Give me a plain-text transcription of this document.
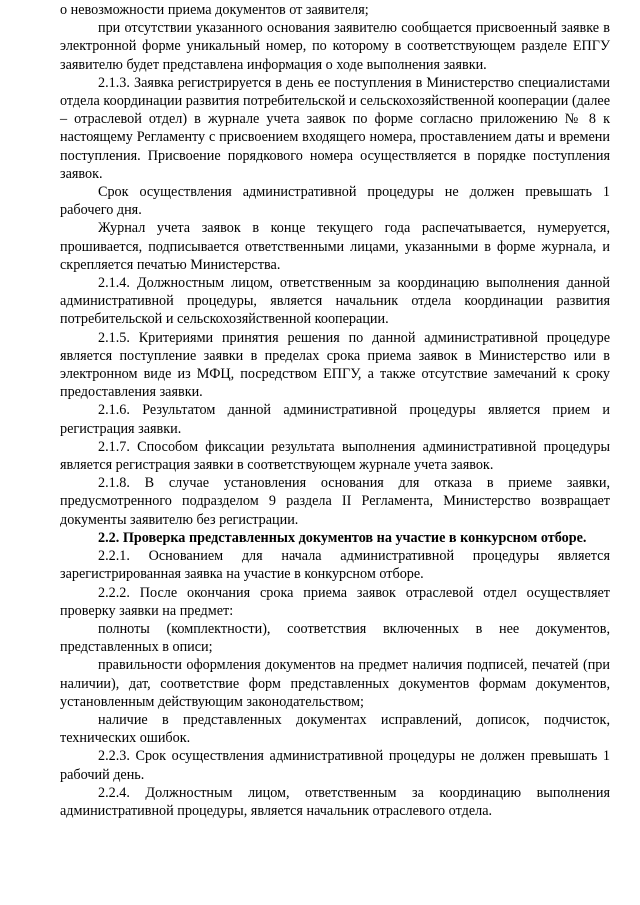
о невозможности приема документов от заявителя;

при отсутствии указанного основания заявителю сообщается присвоенный заявке в электронной форме уникальный номер, по которому в соответствующем разделе ЕПГУ заявителю будет представлена информация о ходе выполнения заявки.

2.1.3. Заявка регистрируется в день ее поступления в Министерство специалистами отдела координации развития потребительской и сельскохозяйственной кооперации (далее – отраслевой отдел) в журнале учета заявок по форме согласно приложению № 8 к настоящему Регламенту с присвоением входящего номера, проставлением даты и времени поступления. Присвоение порядкового номера осуществляется в порядке поступления заявок.

Срок осуществления административной процедуры не должен превышать 1 рабочего дня.

Журнал учета заявок в конце текущего года распечатывается, нумеруется, прошивается, подписывается ответственными лицами, указанными в форме журнала, и скрепляется печатью Министерства.

2.1.4. Должностным лицом, ответственным за координацию выполнения данной административной процедуры, является начальник отдела координации развития потребительской и сельскохозяйственной кооперации.

2.1.5. Критериями принятия решения по данной административной процедуре является поступление заявки в пределах срока приема заявок в Министерство или в электронном виде из МФЦ, посредством ЕПГУ, а также отсутствие замечаний к сроку предоставления заявки.

2.1.6. Результатом данной административной процедуры является прием и регистрация заявки.

2.1.7. Способом фиксации результата выполнения административной процедуры является регистрация заявки в соответствующем журнале учета заявок.

2.1.8. В случае установления основания для отказа в приеме заявки, предусмотренного подразделом 9 раздела II Регламента, Министерство возвращает документы заявителю без регистрации.

2.2. Проверка представленных документов на участие в конкурсном отборе.

2.2.1. Основанием для начала административной процедуры является зарегистрированная заявка на участие в конкурсном отборе.

2.2.2. После окончания срока приема заявок отраслевой отдел осуществляет проверку заявки на предмет:

полноты (комплектности), соответствия включенных в нее документов, представленных в описи;

правильности оформления документов на предмет наличия подписей, печатей (при наличии), дат, соответствие форм представленных документов формам документов, установленным действующим законодательством;

наличие в представленных документах исправлений, дописок, подчисток, технических ошибок.

2.2.3. Срок осуществления административной процедуры не должен превышать 1 рабочий день.

2.2.4. Должностным лицом, ответственным за координацию выполнения административной процедуры, является начальник отраслевого отдела.
